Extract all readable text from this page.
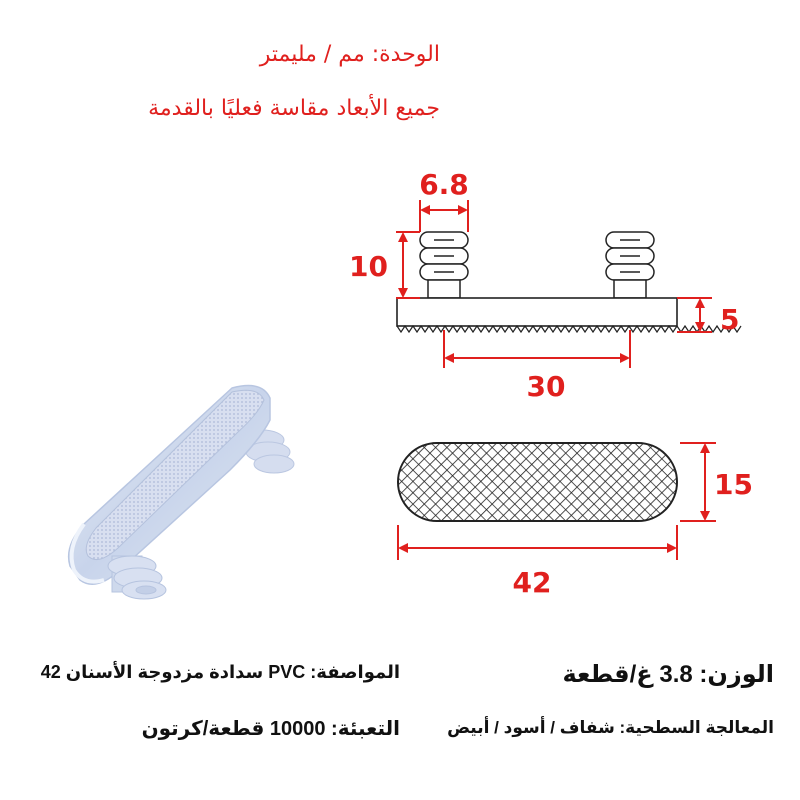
الوحدة: مم / مليمتر
جميع الأبعاد مقاسة فعليًا بالقدمة
6.8
10
5
30
15
42
المواصفة: PVC سدادة مزدوجة الأسنان 42
التعبئة: 10000 قطعة/كرتون
الوزن: 3.8 غ/قطعة
المعالجة السطحية: شفاف / أسود / أبيض
